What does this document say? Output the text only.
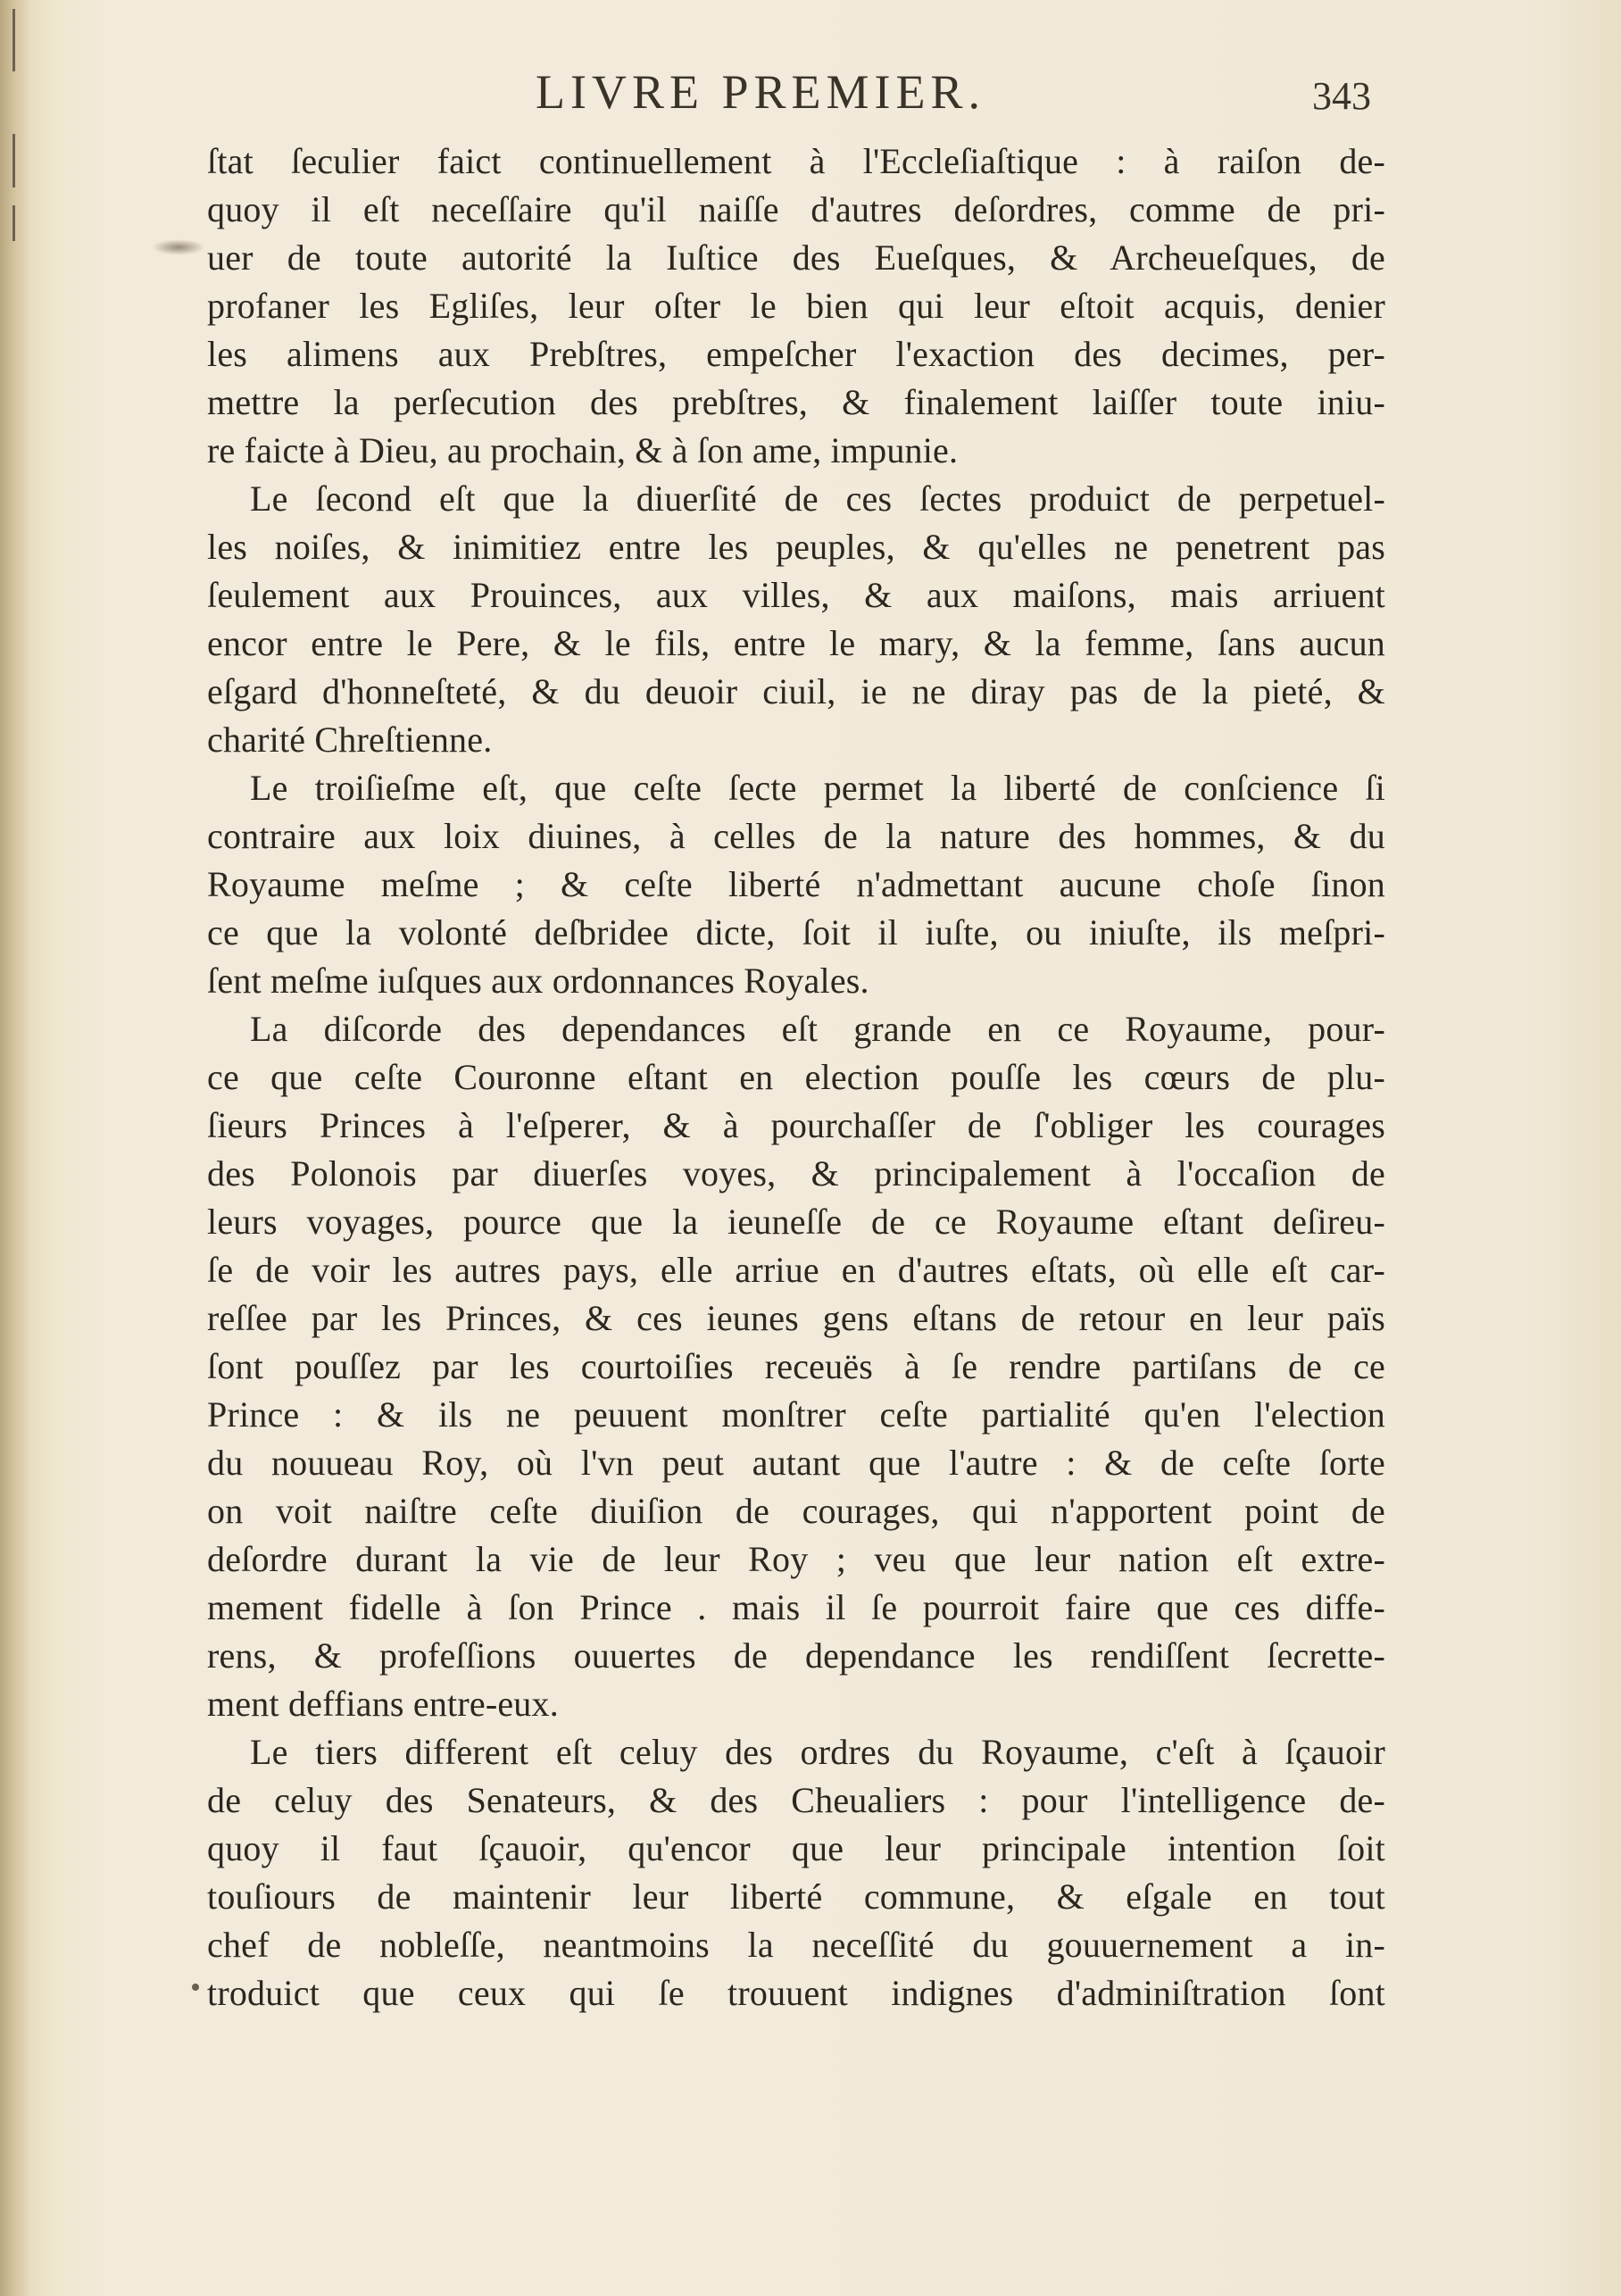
LIVRE PREMIER.	343
ſtat ſeculier faict continuellement à l'Eccleſiaſtique : à raiſon de-
quoy il eſt neceſſaire qu'il naiſſe d'autres deſordres, comme de pri-
uer de toute autorité la Iuſtice des Eueſques, & Archeueſques, de
profaner les Egliſes, leur oſter le bien qui leur eſtoit acquis, denier
les alimens aux Prebſtres, empeſcher l'exaction des decimes, per-
mettre la perſecution des prebſtres, & finalement laiſſer toute iniu-
re faicte à Dieu, au prochain, & à ſon ame, impunie.
Le ſecond eſt que la diuerſité de ces ſectes produict de perpetuel-
les noiſes, & inimitiez entre les peuples, & qu'elles ne penetrent pas
ſeulement aux Prouinces, aux villes, & aux maiſons, mais arriuent
encor entre le Pere, & le fils, entre le mary, & la femme, ſans aucun
eſgard d'honneſteté, & du deuoir ciuil, ie ne diray pas de la pieté, &
charité Chreſtienne.
Le troiſieſme eſt, que ceſte ſecte permet la liberté de conſcience ſi
contraire aux loix diuines, à celles de la nature des hommes, & du
Royaume meſme ; & ceſte liberté n'admettant aucune choſe ſinon
ce que la volonté deſbridee dicte, ſoit il iuſte, ou iniuſte, ils meſpri-
ſent meſme iuſques aux ordonnances Royales.
La diſcorde des dependances eſt grande en ce Royaume, pour-
ce que ceſte Couronne eſtant en election pouſſe les cœurs de plu-
ſieurs Princes à l'eſperer, & à pourchaſſer de ſ'obliger les courages
des Polonois par diuerſes voyes, & principalement à l'occaſion de
leurs voyages, pource que la ieuneſſe de ce Royaume eſtant deſireu-
ſe de voir les autres pays, elle arriue en d'autres eſtats, où elle eſt car-
reſſee par les Princes, & ces ieunes gens eſtans de retour en leur païs
ſont pouſſez par les courtoiſies receuës à ſe rendre partiſans de ce
Prince : & ils ne peuuent monſtrer ceſte partialité qu'en l'election
du nouueau Roy, où l'vn peut autant que l'autre : & de ceſte ſorte
on voit naiſtre ceſte diuiſion de courages, qui n'apportent point de
deſordre durant la vie de leur Roy ; veu que leur nation eſt extre-
mement fidelle à ſon Prince . mais il ſe pourroit faire que ces diffe-
rens, & profeſſions ouuertes de dependance les rendiſſent ſecrette-
ment deffians entre-eux.
Le tiers different eſt celuy des ordres du Royaume, c'eſt à ſçauoir
de celuy des Senateurs, & des Cheualiers : pour l'intelligence de-
quoy il faut ſçauoir, qu'encor que leur principale intention ſoit
touſiours de maintenir leur liberté commune, & eſgale en tout
chef de nobleſſe, neantmoins la neceſſité du gouuernement a in-
troduict que ceux qui ſe trouuent indignes d'adminiſtration ſont
